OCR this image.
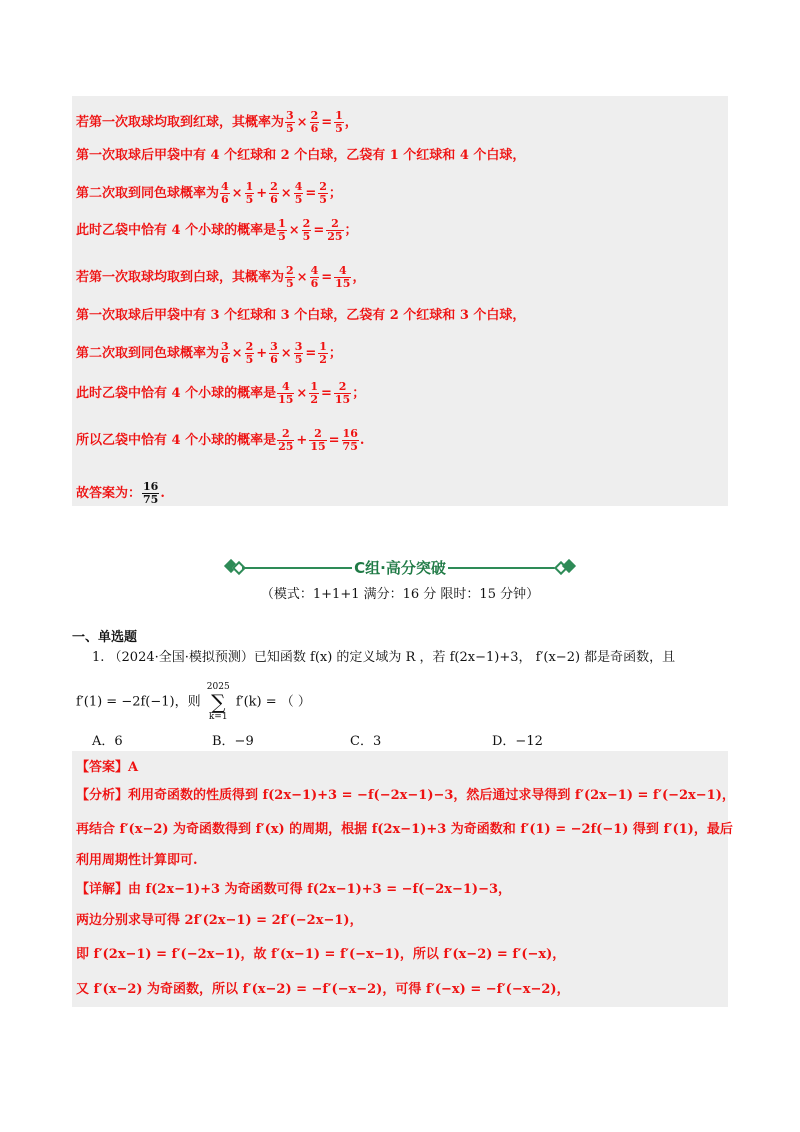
若第一次取球均取到红球，其概率为 $\frac{3}{5} \times \frac{2}{6} = \frac{1}{5}$ ，
第一次取球后甲袋中有 4 个红球和 2 个白球，乙袋有 1 个红球和 4 个白球，
第二次取到同色球概率为 $\frac{4}{6} \times \frac{1}{5} + \frac{2}{6} \times \frac{4}{5} = \frac{2}{5}$ ；
此时乙袋中恰有 4 个小球的概率是 $\frac{1}{5} \times \frac{2}{5} = \frac{2}{25}$ ；
若第一次取球均取到白球，其概率为 $\frac{2}{5} \times \frac{4}{6} = \frac{4}{15}$ ，
第一次取球后甲袋中有 3 个红球和 3 个白球，乙袋有 2 个红球和 3 个白球，
第二次取到同色球概率为 $\frac{3}{6} \times \frac{2}{5} + \frac{3}{6} \times \frac{3}{5} = \frac{1}{2}$ ；
此时乙袋中恰有 4 个小球的概率是 $\frac{4}{15} \times \frac{1}{2} = \frac{2}{15}$ ；
所以乙袋中恰有 4 个小球的概率是 $\frac{2}{25} + \frac{2}{15} = \frac{16}{75}$ .
故答案为： $\frac{16}{75}$ .
C组·高分突破
（模式：1+1+1 满分：16 分 限时：15 分钟）
一、单选题
1. （2024·全国·模拟预测）已知函数 f(x) 的定义域为 R ，若 f(2x−1)+3， f′(x−2) 都是奇函数，且
f′(1) = −2f(−1)，则
2025
∑
k=1
f′(k) = （ ）
A．6	B．−9	C．3	D．−12
【答案】A
【分析】利用奇函数的性质得到 f(2x−1)+3 = −f(−2x−1)−3，然后通过求导得到 f′(2x−1) = f′(−2x−1)，
再结合 f′(x−2) 为奇函数得到 f′(x) 的周期，根据 f(2x−1)+3 为奇函数和 f′(1) = −2f(−1) 得到 f′(1)，最后
利用周期性计算即可.
【详解】由 f(2x−1)+3 为奇函数可得 f(2x−1)+3 = −f(−2x−1)−3，
两边分别求导可得 2f′(2x−1) = 2f′(−2x−1)，
即 f′(2x−1) = f′(−2x−1)，故 f′(x−1) = f′(−x−1)，所以 f′(x−2) = f′(−x)，
又 f′(x−2) 为奇函数，所以 f′(x−2) = −f′(−x−2)，可得 f′(−x) = −f′(−x−2)，
